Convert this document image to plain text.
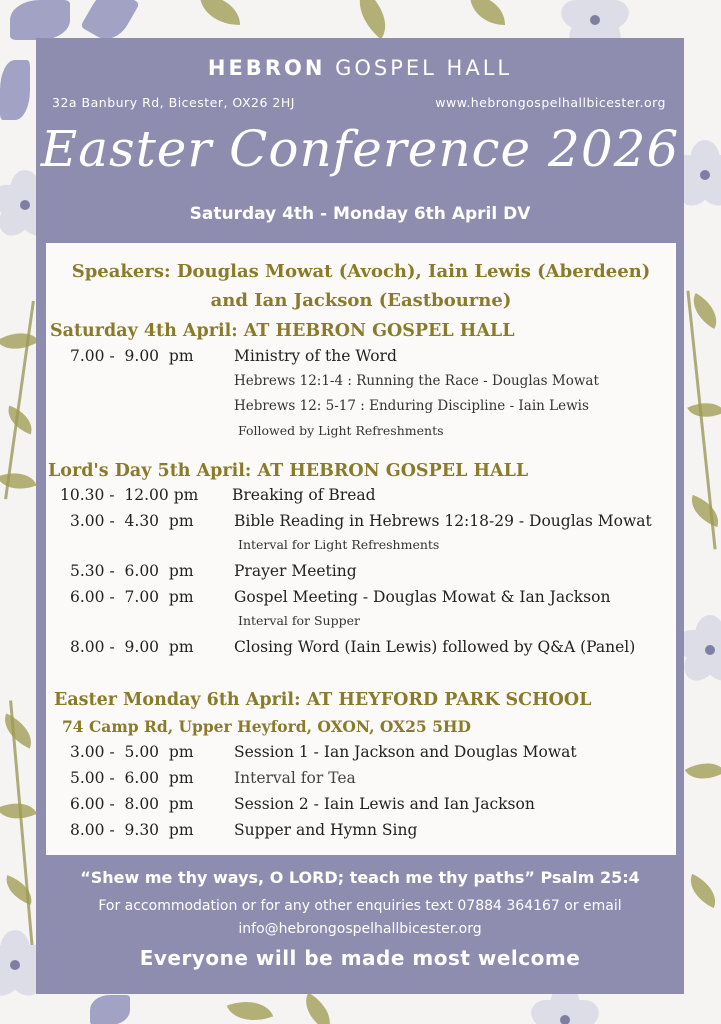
HEBRON GOSPEL HALL
32a Banbury Rd, Bicester, OX26 2HJ	www.hebrongospelhallbicester.org
Easter Conference 2026
Saturday 4th - Monday 6th April DV
Speakers: Douglas Mowat (Avoch), Iain Lewis (Aberdeen)
and Ian Jackson (Eastbourne)
Saturday 4th April: AT HEBRON GOSPEL HALL
7.00 -  9.00  pm	Ministry of the Word
Hebrews 12:1-4 : Running the Race - Douglas Mowat
Hebrews 12: 5-17 : Enduring Discipline - Iain Lewis
Followed by Light Refreshments
Lord's Day 5th April: AT HEBRON GOSPEL HALL
10.30 -  12.00 pm Breaking of Bread
3.00 -  4.30  pm	Bible Reading in Hebrews 12:18-29 - Douglas Mowat
Interval for Light Refreshments
5.30 -  6.00  pm	Prayer Meeting
6.00 -  7.00  pm	Gospel Meeting - Douglas Mowat & Ian Jackson
Interval for Supper
8.00 -  9.00  pm	Closing Word (Iain Lewis) followed by Q&A (Panel)
Easter Monday 6th April: AT HEYFORD PARK SCHOOL
74 Camp Rd, Upper Heyford, OXON, OX25 5HD
3.00 -  5.00  pm	Session 1 - Ian Jackson and Douglas Mowat
5.00 -  6.00  pm	Interval for Tea
6.00 -  8.00  pm	Session 2 - Iain Lewis and Ian Jackson
8.00 -  9.30  pm	Supper and Hymn Sing
“Shew me thy ways, O LORD; teach me thy paths” Psalm 25:4
For accommodation or for any other enquiries text 07884 364167 or email
info@hebrongospelhallbicester.org
Everyone will be made most welcome
